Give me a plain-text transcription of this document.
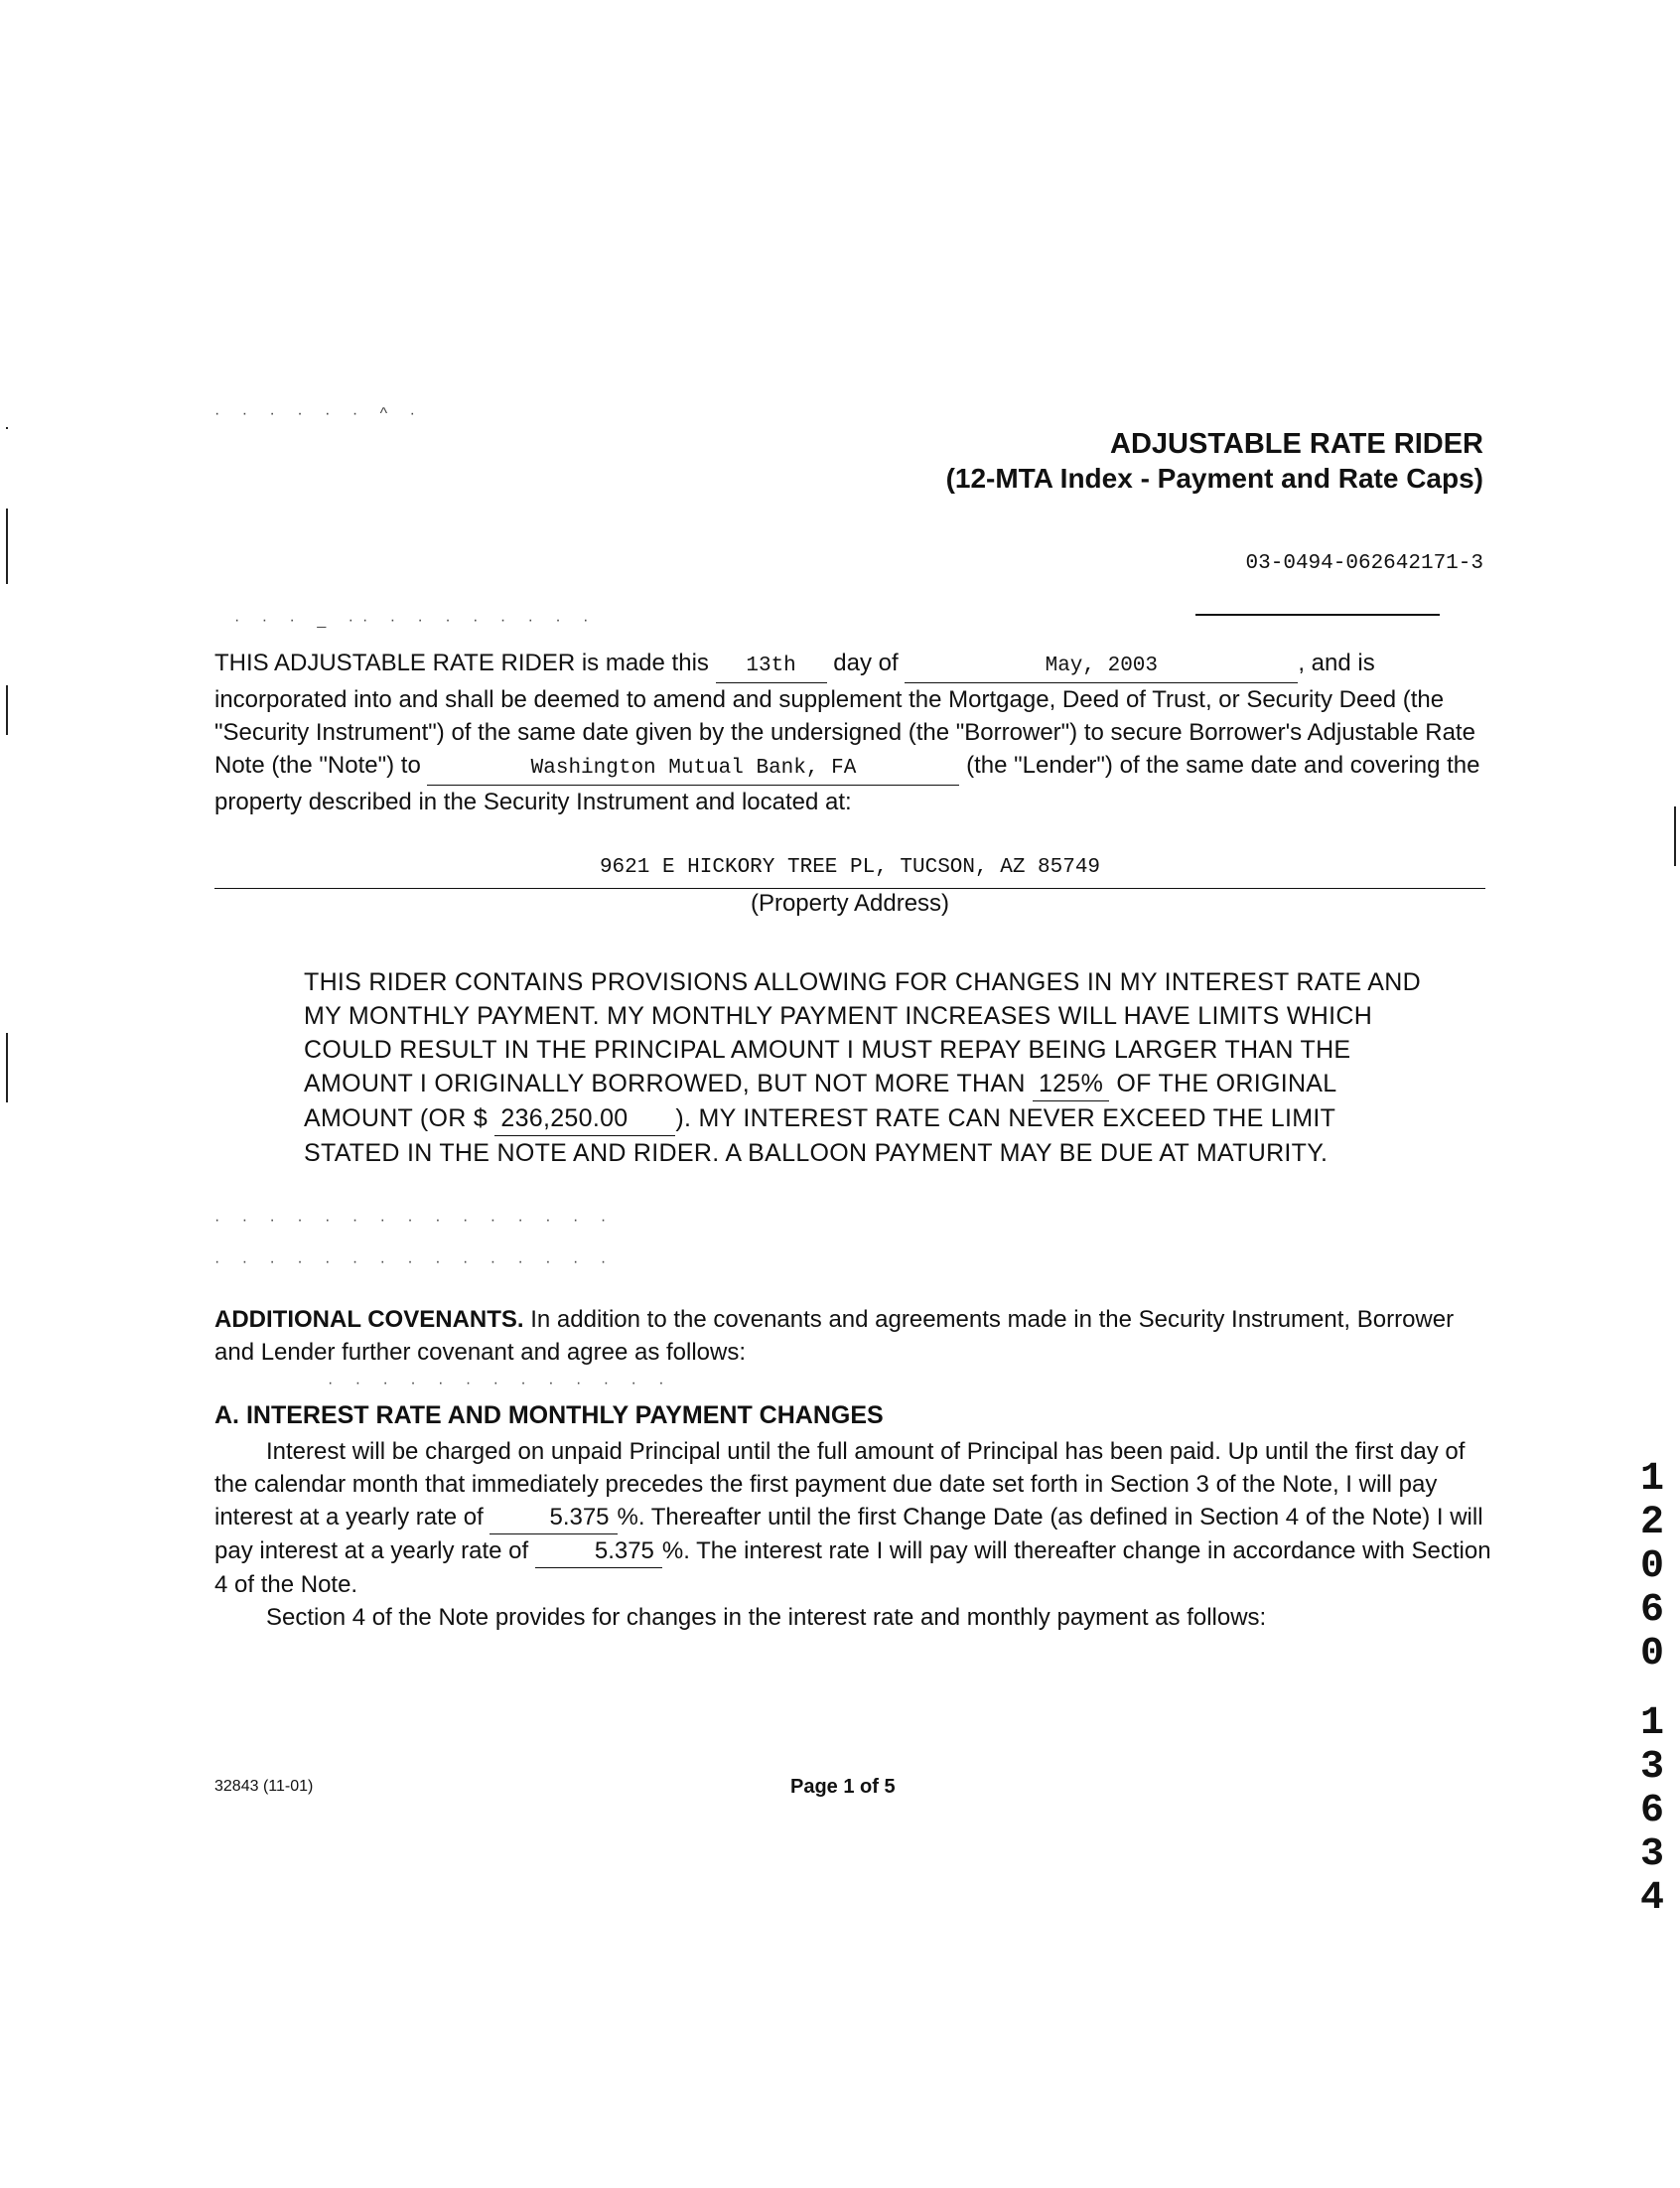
· · · · · · ^ ·
· · · _ ·· · · · · · · · ·
· · · · · · · · · · · · · · ·
· · · · · · · · · · · · · · ·
· · · · · · · · · · · · ·
ADJUSTABLE RATE RIDER
(12-MTA Index - Payment and Rate Caps)
03-0494-062642171-3
THIS ADJUSTABLE RATE RIDER is made this 13th day of	May, 2003	, and is incorporated into and shall be deemed to amend and supplement the Mortgage, Deed of Trust, or Security Deed (the "Security Instrument") of the same date given by the undersigned (the "Borrower") to secure Borrower's Adjustable Rate Note (the "Note") to	Washington Mutual Bank, FA	(the "Lender") of the same date and covering the property described in the Security Instrument and located at:
9621 E HICKORY TREE PL, TUCSON, AZ 85749
(Property Address)
THIS RIDER CONTAINS PROVISIONS ALLOWING FOR CHANGES IN MY INTEREST RATE AND MY MONTHLY PAYMENT. MY MONTHLY PAYMENT INCREASES WILL HAVE LIMITS WHICH COULD RESULT IN THE PRINCIPAL AMOUNT I MUST REPAY BEING LARGER THAN THE AMOUNT I ORIGINALLY BORROWED, BUT NOT MORE THAN 125% OF THE ORIGINAL AMOUNT (OR $ 236,250.00 ). MY INTEREST RATE CAN NEVER EXCEED THE LIMIT STATED IN THE NOTE AND RIDER. A BALLOON PAYMENT MAY BE DUE AT MATURITY.
ADDITIONAL COVENANTS. In addition to the covenants and agreements made in the Security Instrument, Borrower and Lender further covenant and agree as follows:
A. INTEREST RATE AND MONTHLY PAYMENT CHANGES

Interest will be charged on unpaid Principal until the full amount of Principal has been paid. Up until the first day of the calendar month that immediately precedes the first payment due date set forth in Section 3 of the Note, I will pay interest at a yearly rate of	5.375 %. Thereafter until the first Change Date (as defined in Section 4 of the Note) I will pay interest at a yearly rate of	5.375 %. The interest rate I will pay will thereafter change in accordance with Section 4 of the Note.

Section 4 of the Note provides for changes in the interest rate and monthly payment as follows:

32843 (11-01)	Page 1 of 5
1
2
0
6
0
1
3
6
3
4
